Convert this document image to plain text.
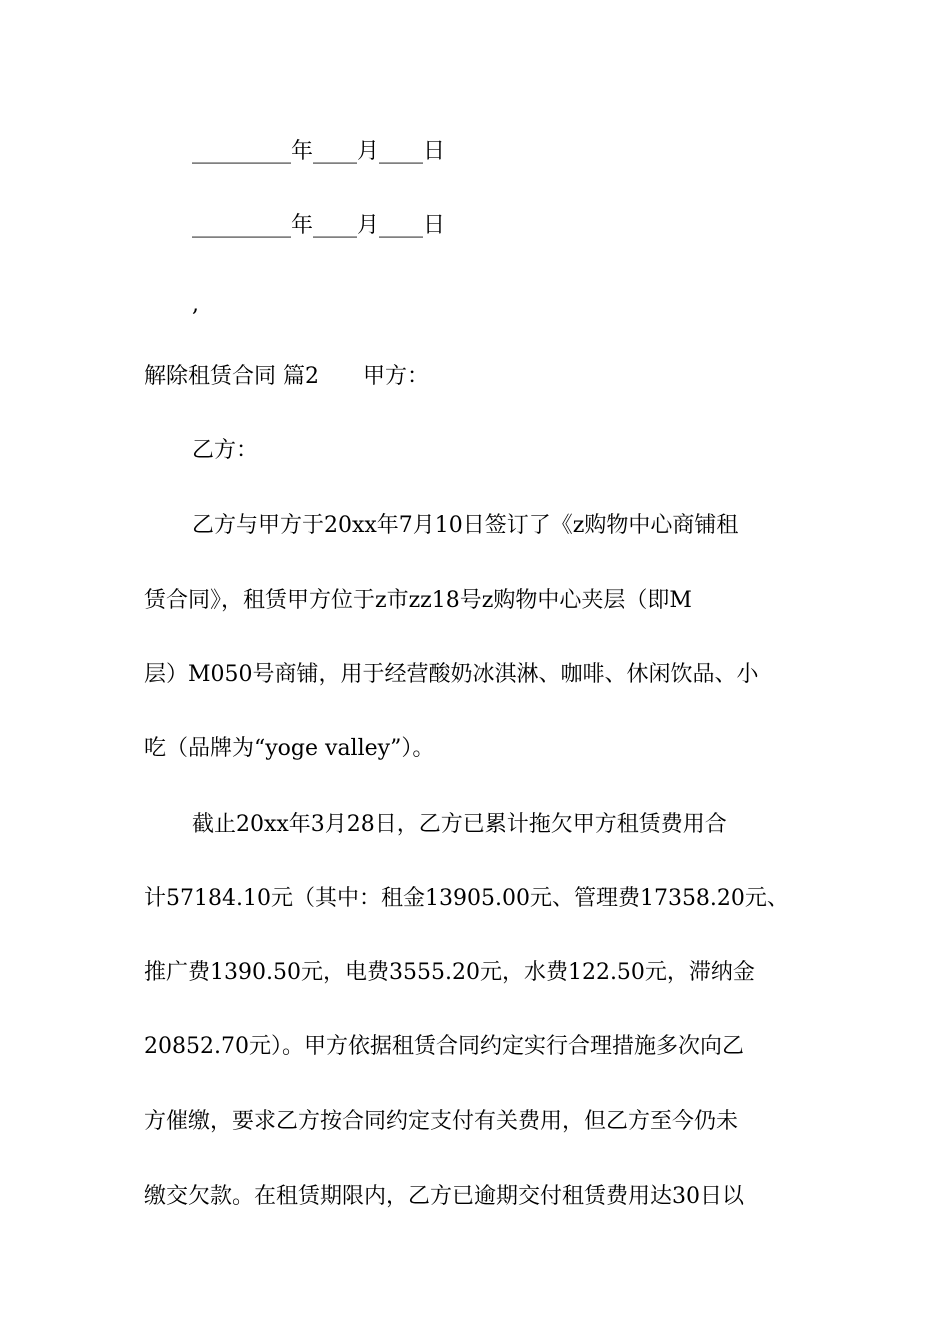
_________年____月____日
_________年____月____日
,
解除租赁合同 篇2 甲方：
乙方：
乙方与甲方于20xx年7月10日签订了《z购物中心商铺租
赁合同》，租赁甲方位于z市zz18号z购物中心夹层（即M
层）M050号商铺，用于经营酸奶冰淇淋、咖啡、休闲饮品、小
吃（品牌为“yoge valley”）。
截止20xx年3月28日，乙方已累计拖欠甲方租赁费用合
计57184.10元（其中：租金13905.00元、管理费17358.20元、
推广费1390.50元，电费3555.20元，水费122.50元，滞纳金
20852.70元）。甲方依据租赁合同约定实行合理措施多次向乙
方催缴，要求乙方按合同约定支付有关费用，但乙方至今仍未
缴交欠款。在租赁期限内，乙方已逾期交付租赁费用达30日以
